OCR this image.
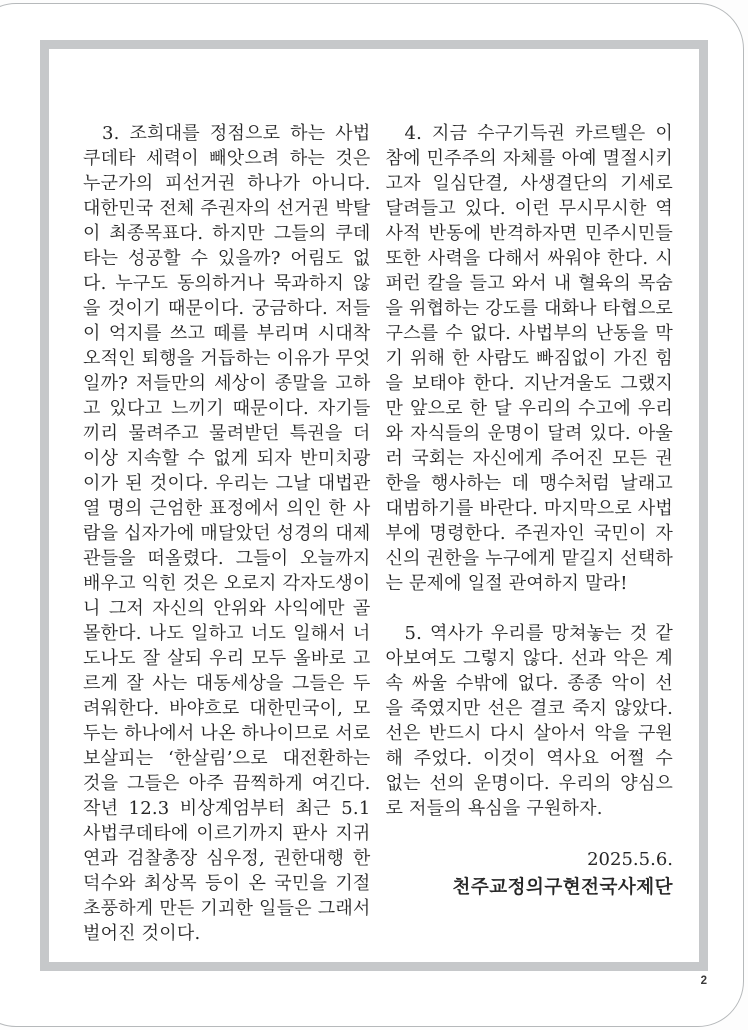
3. 조희대를 정점으로 하는 사법쿠데타 세력이 빼앗으려 하는 것은 누군가의 피선거권 하나가 아니다. 대한민국 전체 주권자의 선거권 박탈이 최종목표다. 하지만 그들의 쿠데타는 성공할 수 있을까? 어림도 없다. 누구도 동의하거나 묵과하지 않을 것이기 때문이다. 궁금하다. 저들이 억지를 쓰고 떼를 부리며 시대착오적인 퇴행을 거듭하는 이유가 무엇일까? 저들만의 세상이 종말을 고하고 있다고 느끼기 때문이다. 자기들끼리 물려주고 물려받던 특권을 더 이상 지속할 수 없게 되자 반미치광이가 된 것이다. 우리는 그날 대법관 열 명의 근엄한 표정에서 의인 한 사람을 십자가에 매달았던 성경의 대제관들을 떠올렸다. 그들이 오늘까지 배우고 익힌 것은 오로지 각자도생이니 그저 자신의 안위와 사익에만 골몰한다. 나도 일하고 너도 일해서 너도나도 잘 살되 우리 모두 올바로 고르게 잘 사는 대동세상을 그들은 두려워한다. 바야흐로 대한민국이, 모두는 하나에서 나온 하나이므로 서로 보살피는 ‘한살림’으로 대전환하는 것을 그들은 아주 끔찍하게 여긴다. 작년 12.3 비상계엄부터 최근 5.1 사법쿠데타에 이르기까지 판사 지귀연과 검찰총장 심우정, 권한대행 한덕수와 최상목 등이 온 국민을 기절초풍하게 만든 기괴한 일들은 그래서 벌어진 것이다.

4. 지금 수구기득권 카르텔은 이참에 민주주의 자체를 아예 멸절시키고자 일심단결, 사생결단의 기세로 달려들고 있다. 이런 무시무시한 역사적 반동에 반격하자면 민주시민들 또한 사력을 다해서 싸워야 한다. 시퍼런 칼을 들고 와서 내 혈육의 목숨을 위협하는 강도를 대화나 타협으로 구스를 수 없다. 사법부의 난동을 막기 위해 한 사람도 빠짐없이 가진 힘을 보태야 한다. 지난겨울도 그랬지만 앞으로 한 달 우리의 수고에 우리와 자식들의 운명이 달려 있다. 아울러 국회는 자신에게 주어진 모든 권한을 행사하는 데 맹수처럼 날래고 대범하기를 바란다. 마지막으로 사법부에 명령한다. 주권자인 국민이 자신의 권한을 누구에게 맡길지 선택하는 문제에 일절 관여하지 말라!

5. 역사가 우리를 망쳐놓는 것 같아보여도 그렇지 않다. 선과 악은 계속 싸울 수밖에 없다. 종종 악이 선을 죽였지만 선은 결코 죽지 않았다. 선은 반드시 다시 살아서 악을 구원해 주었다. 이것이 역사요 어쩔 수 없는 선의 운명이다. 우리의 양심으로 저들의 욕심을 구원하자.

2025.5.6.
천주교정의구현전국사제단
2
